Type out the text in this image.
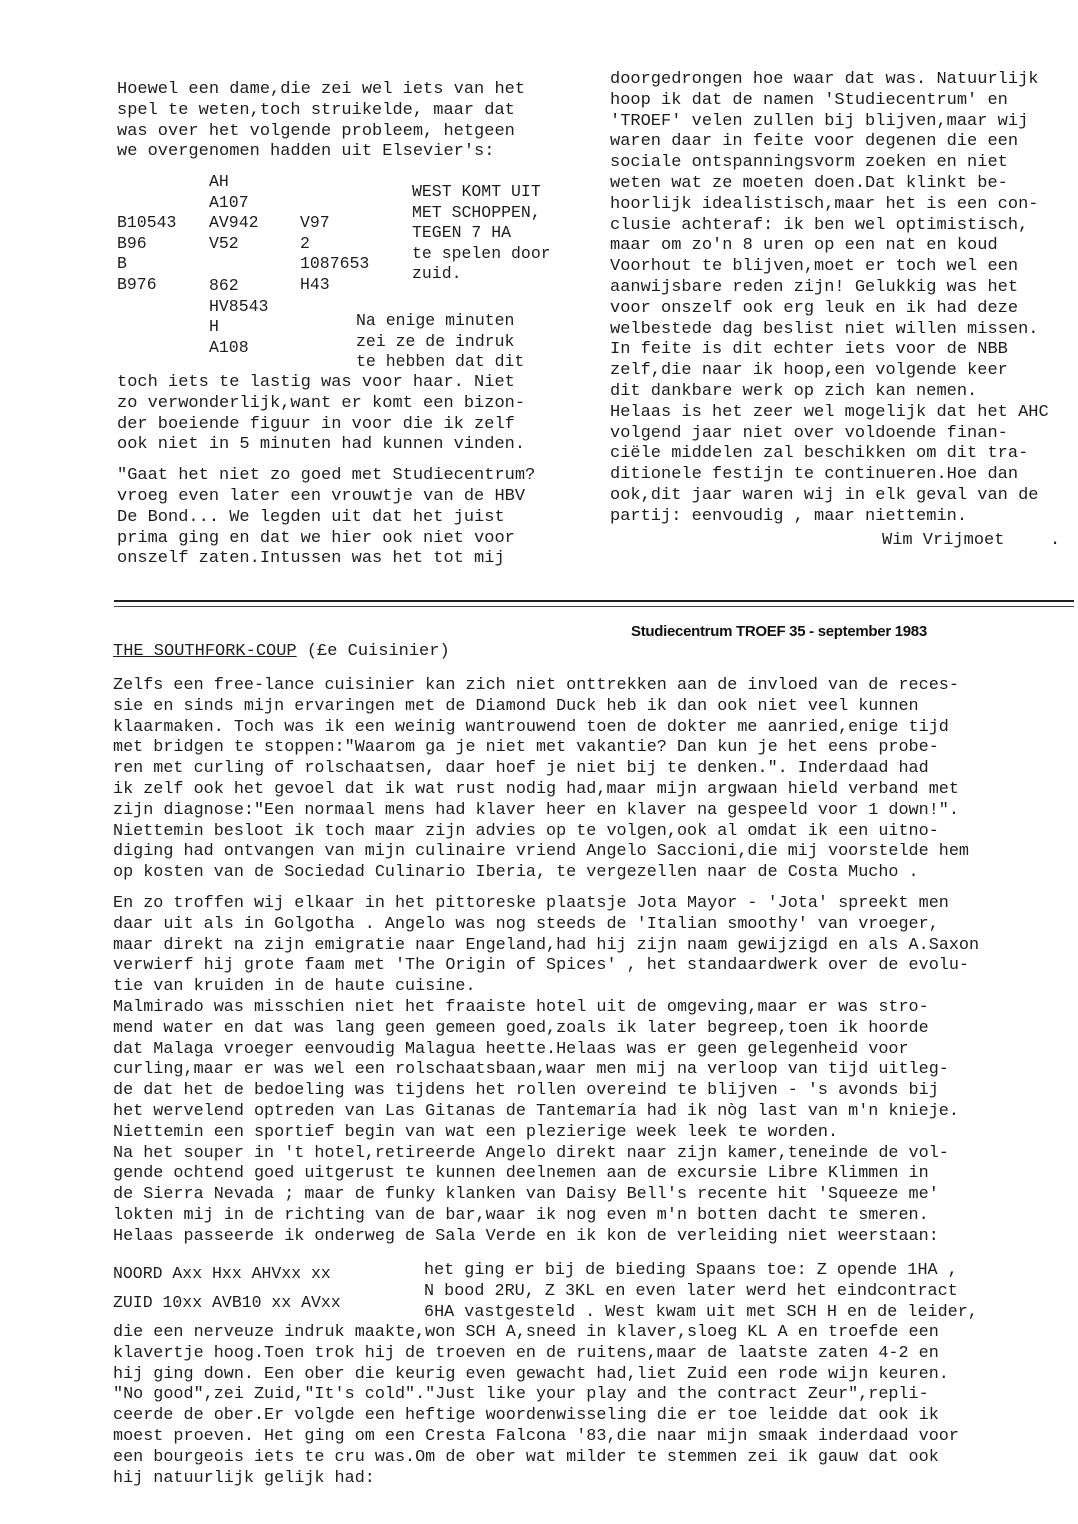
Hoewel een dame,die zei wel iets van het
spel te weten,toch struikelde, maar dat
was over het volgende probleem, hetgeen
we overgenomen hadden uit Elsevier's:
AH
A107
AV942
V52
B10543
B96
B
B976
V97
2
1087653
H43
862
HV8543
H
A108
WEST KOMT UIT
MET SCHOPPEN,
TEGEN 7 HA
te spelen door
zuid.
Na enige minuten
zei ze de indruk
te hebben dat dit
toch iets te lastig was voor haar. Niet
zo verwonderlijk,want er komt een bizon-
der boeiende figuur in voor die ik zelf
ook niet in 5 minuten had kunnen vinden.
"Gaat het niet zo goed met Studiecentrum?
vroeg even later een vrouwtje van de HBV
De Bond... We legden uit dat het juist
prima ging en dat we hier ook niet voor
onszelf zaten.Intussen was het tot mij
doorgedrongen hoe waar dat was. Natuurlijk
hoop ik dat de namen 'Studiecentrum' en
'TROEF' velen zullen bij blijven,maar wij
waren daar in feite voor degenen die een
sociale ontspanningsvorm zoeken en niet
weten wat ze moeten doen.Dat klinkt be-
hoorlijk idealistisch,maar het is een con-
clusie achteraf: ik ben wel optimistisch,
maar om zo'n 8 uren op een nat en koud
Voorhout te blijven,moet er toch wel een
aanwijsbare reden zijn! Gelukkig was het
voor onszelf ook erg leuk en ik had deze
welbestede dag beslist niet willen missen.
In feite is dit echter iets voor de NBB
zelf,die naar ik hoop,een volgende keer
dit dankbare werk op zich kan nemen.
Helaas is het zeer wel mogelijk dat het AHC
volgend jaar niet over voldoende finan-
ciële middelen zal beschikken om dit tra-
ditionele festijn te continueren.Hoe dan
ook,dit jaar waren wij in elk geval van de
partij: eenvoudig , maar niettemin.
Wim Vrijmoet	.
Studiecentrum TROEF 35 - september 1983
THE SOUTHFORK-COUP (£e Cuisinier)
Zelfs een free-lance cuisinier kan zich niet onttrekken aan de invloed van de reces-
sie en sinds mijn ervaringen met de Diamond Duck heb ik dan ook niet veel kunnen
klaarmaken. Toch was ik een weinig wantrouwend toen de dokter me aanried,enige tijd
met bridgen te stoppen:"Waarom ga je niet met vakantie? Dan kun je het eens probe-
ren met curling of rolschaatsen, daar hoef je niet bij te denken.". Inderdaad had
ik zelf ook het gevoel dat ik wat rust nodig had,maar mijn argwaan hield verband met
zijn diagnose:"Een normaal mens had klaver heer en klaver na gespeeld voor 1 down!".
Niettemin besloot ik toch maar zijn advies op te volgen,ook al omdat ik een uitno-
diging had ontvangen van mijn culinaire vriend Angelo Saccioni,die mij voorstelde hem
op kosten van de Sociedad Culinario Iberia, te vergezellen naar de Costa Mucho .
En zo troffen wij elkaar in het pittoreske plaatsje Jota Mayor - 'Jota' spreekt men
daar uit als in Golgotha . Angelo was nog steeds de 'Italian smoothy' van vroeger,
maar direkt na zijn emigratie naar Engeland,had hij zijn naam gewijzigd en als A.Saxon
verwierf hij grote faam met 'The Origin of Spices' , het standaardwerk over de evolu-
tie van kruiden in de haute cuisine.
Malmirado was misschien niet het fraaiste hotel uit de omgeving,maar er was stro-
mend water en dat was lang geen gemeen goed,zoals ik later begreep,toen ik hoorde
dat Malaga vroeger eenvoudig Malagua heette.Helaas was er geen gelegenheid voor
curling,maar er was wel een rolschaatsbaan,waar men mij na verloop van tijd uitleg-
de dat het de bedoeling was tijdens het rollen overeind te blijven - 's avonds bij
het wervelend optreden van Las Gitanas de Tantemaría had ik nòg last van m'n knieje.
Niettemin een sportief begin van wat een plezierige week leek te worden.
Na het souper in 't hotel,retireerde Angelo direkt naar zijn kamer,teneinde de vol-
gende ochtend goed uitgerust te kunnen deelnemen aan de excursie Libre Klimmen in
de Sierra Nevada ; maar de funky klanken van Daisy Bell's recente hit 'Squeeze me'
lokten mij in de richting van de bar,waar ik nog even m'n botten dacht te smeren.
Helaas passeerde ik onderweg de Sala Verde en ik kon de verleiding niet weerstaan:
NOORD Axx Hxx AHVxx xx
ZUID 10xx AVB10 xx AVxx
het ging er bij de bieding Spaans toe: Z opende 1HA ,
N bood 2RU, Z 3KL en even later werd het eindcontract
6HA vastgesteld . West kwam uit met SCH H en de leider,
die een nerveuze indruk maakte,won SCH A,sneed in klaver,sloeg KL A en troefde een
klavertje hoog.Toen trok hij de troeven en de ruitens,maar de laatste zaten 4-2 en
hij ging down. Een ober die keurig even gewacht had,liet Zuid een rode wijn keuren.
"No good",zei Zuid,"It's cold"."Just like your play and the contract Zeur",repli-
ceerde de ober.Er volgde een heftige woordenwisseling die er toe leidde dat ook ik
moest proeven. Het ging om een Cresta Falcona '83,die naar mijn smaak inderdaad voor
een bourgeois iets te cru was.Om de ober wat milder te stemmen zei ik gauw dat ook
hij natuurlijk gelijk had:
